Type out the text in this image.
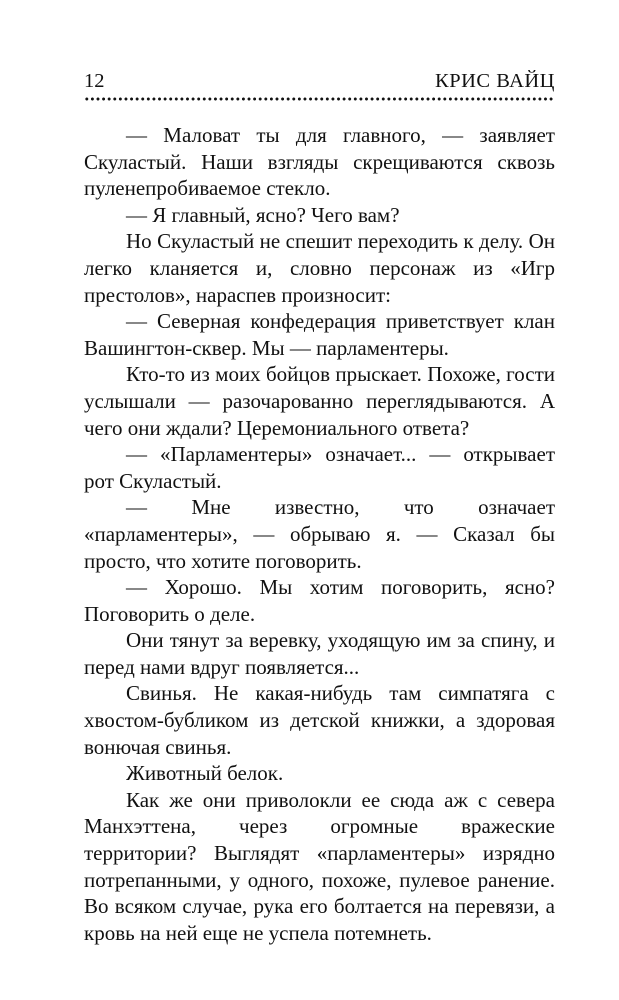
12	КРИС ВАЙЦ

— Маловат ты для главного, — заявляет Скуластый. Наши взгляды скрещиваются сквозь пуленепробиваемое стекло.

— Я главный, ясно? Чего вам?

Но Скуластый не спешит переходить к делу. Он легко кланяется и, словно персонаж из «Игр престолов», нараспев произносит:

— Северная конфедерация приветствует клан Вашингтон-сквер. Мы — парламентеры.

Кто-то из моих бойцов прыскает. Похоже, гости услышали — разочарованно переглядываются. А чего они ждали? Церемониального ответа?

— «Парламентеры» означает... — открывает рот Скуластый.

— Мне известно, что означает «парламентеры», — обрываю я. — Сказал бы просто, что хотите поговорить.

— Хорошо. Мы хотим поговорить, ясно? Поговорить о деле.

Они тянут за веревку, уходящую им за спину, и перед нами вдруг появляется...

Свинья. Не какая-нибудь там симпатяга с хвостом-бубликом из детской книжки, а здоровая вонючая свинья.

Животный белок.

Как же они приволокли ее сюда аж с севера Манхэттена, через огромные вражеские территории? Выглядят «парламентеры» изрядно потрепанными, у одного, похоже, пулевое ранение. Во всяком случае, рука его болтается на перевязи, а кровь на ней еще не успела потемнеть.
